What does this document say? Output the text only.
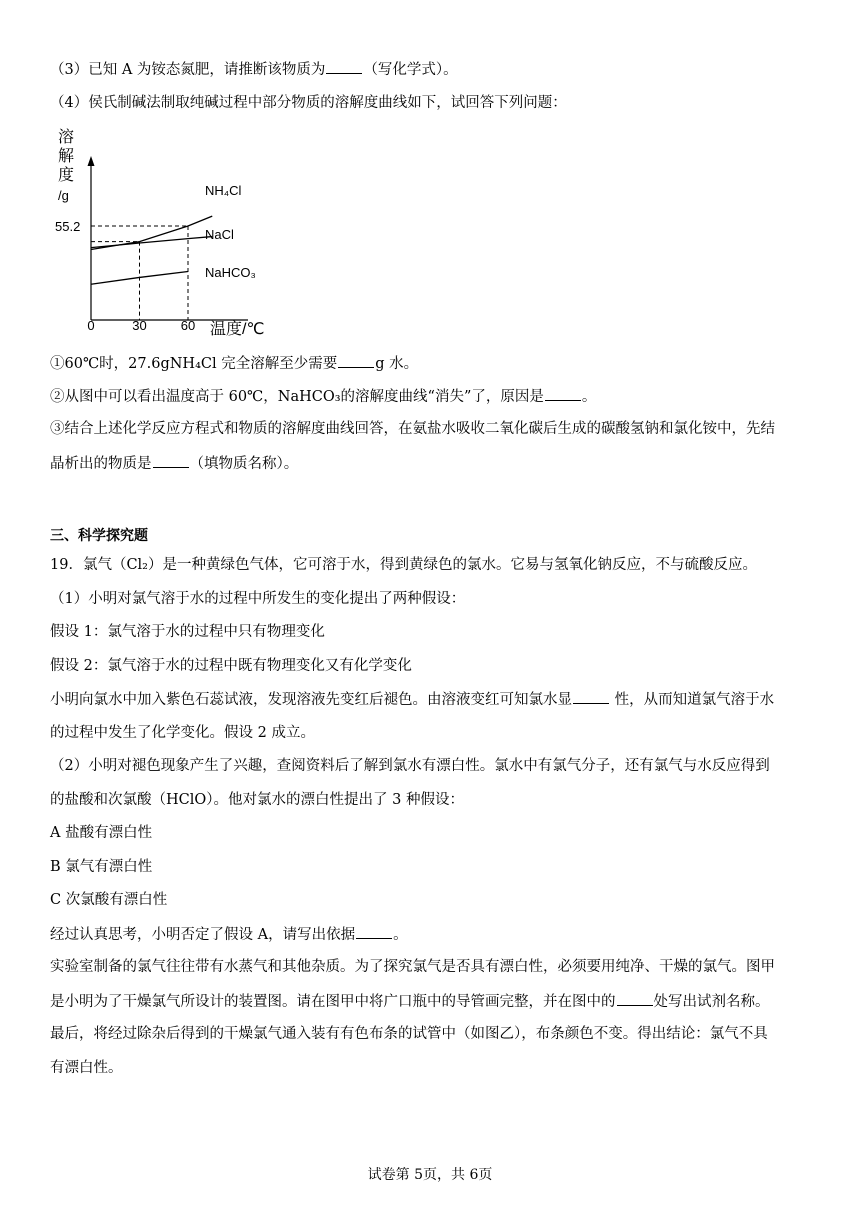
（3）已知 A 为铵态氮肥，请推断该物质为	（写化学式）。
（4）侯氏制碱法制取纯碱过程中部分物质的溶解度曲线如下，试回答下列问题：
溶
解
度
/g	NH₄Cl
NaCl
NaHCO₃
55.2
0	30	60 温度/℃
①60℃时，27.6gNH₄Cl 完全溶解至少需要	g 水。
②从图中可以看出温度高于 60℃，NaHCO₃的溶解度曲线“消失”了，原因是	。
③结合上述化学反应方程式和物质的溶解度曲线回答，在氨盐水吸收二氧化碳后生成的碳酸氢钠和氯化铵中，先结
晶析出的物质是	（填物质名称）。
三、科学探究题
19．氯气（Cl₂）是一种黄绿色气体，它可溶于水，得到黄绿色的氯水。它易与氢氧化钠反应，不与硫酸反应。
（1）小明对氯气溶于水的过程中所发生的变化提出了两种假设：
假设 1：氯气溶于水的过程中只有物理变化
假设 2：氯气溶于水的过程中既有物理变化又有化学变化
小明向氯水中加入紫色石蕊试液，发现溶液先变红后褪色。由溶液变红可知氯水显	性，从而知道氯气溶于水
的过程中发生了化学变化。假设 2 成立。
（2）小明对褪色现象产生了兴趣，查阅资料后了解到氯水有漂白性。氯水中有氯气分子，还有氯气与水反应得到
的盐酸和次氯酸（HClO）。他对氯水的漂白性提出了 3 种假设：
A 盐酸有漂白性
B 氯气有漂白性
C 次氯酸有漂白性
经过认真思考，小明否定了假设 A，请写出依据	。
实验室制备的氯气往往带有水蒸气和其他杂质。为了探究氯气是否具有漂白性，必须要用纯净、干燥的氯气。图甲
是小明为了干燥氯气所设计的装置图。请在图甲中将广口瓶中的导管画完整，并在图中的	处写出试剂名称。
最后，将经过除杂后得到的干燥氯气通入装有有色布条的试管中（如图乙），布条颜色不变。得出结论：氯气不具
有漂白性。
试卷第 5页，共 6页
